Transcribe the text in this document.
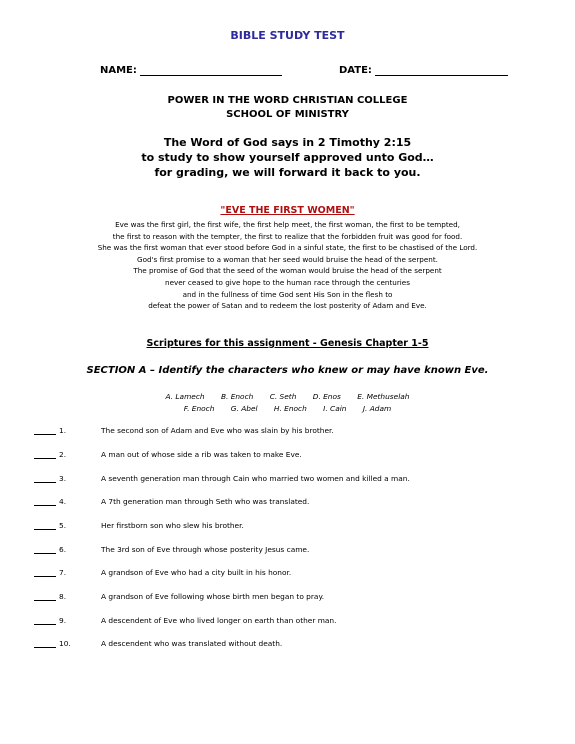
BIBLE STUDY TEST
NAME:	DATE:
POWER IN THE WORD CHRISTIAN COLLEGE
SCHOOL OF MINISTRY
The Word of God says in 2 Timothy 2:15
to study to show yourself approved unto God…
for grading, we will forward it back to you.
"EVE THE FIRST WOMEN"
Eve was the first girl, the first wife, the first help meet, the first woman, the first to be tempted,
the first to reason with the tempter, the first to realize that the forbidden fruit was good for food.
She was the first woman that ever stood before God in a sinful state, the first to be chastised of the Lord.
God's first promise to a woman that her seed would bruise the head of the serpent.
The promise of God that the seed of the woman would bruise the head of the serpent
never ceased to give hope to the human race through the centuries
and in the fullness of time God sent His Son in the flesh to
defeat the power of Satan and to redeem the lost posterity of Adam and Eve.
Scriptures for this assignment - Genesis Chapter 1-5
SECTION A – Identify the characters who knew or may have known Eve.
A. Lamech B. Enoch C. Seth D. Enos E. Methuselah
F. Enoch G. Abel H. Enoch I. Cain J. Adam
1.	The second son of Adam and Eve who was slain by his brother.
2.	A man out of whose side a rib was taken to make Eve.
3.	A seventh generation man through Cain who married two women and killed a man.
4.	A 7th generation man through Seth who was translated.
5.	Her firstborn son who slew his brother.
6.	The 3rd son of Eve through whose posterity Jesus came.
7.	A grandson of Eve who had a city built in his honor.
8.	A grandson of Eve following whose birth men began to pray.
9.	A descendent of Eve who lived longer on earth than other man.
10.	A descendent who was translated without death.
